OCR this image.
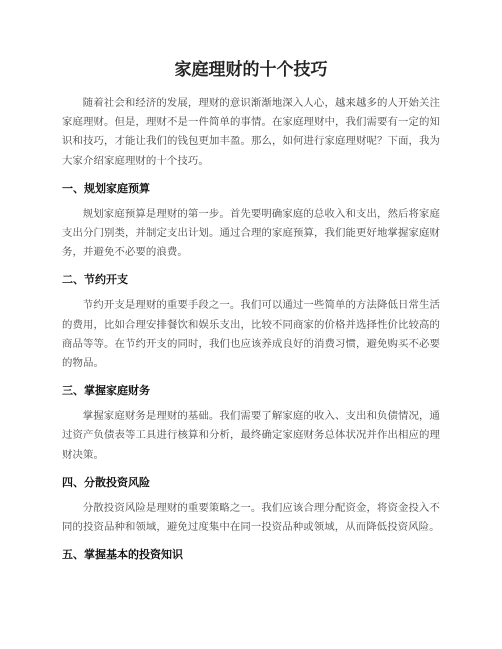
家庭理财的十个技巧

随着社会和经济的发展，理财的意识渐渐地深入人心，越来越多的人开始关注家庭理财。但是，理财不是一件简单的事情。在家庭理财中，我们需要有一定的知识和技巧，才能让我们的钱包更加丰盈。那么，如何进行家庭理财呢？下面，我为大家介绍家庭理财的十个技巧。

一、规划家庭预算

规划家庭预算是理财的第一步。首先要明确家庭的总收入和支出，然后将家庭支出分门别类，并制定支出计划。通过合理的家庭预算，我们能更好地掌握家庭财务，并避免不必要的浪费。

二、节约开支

节约开支是理财的重要手段之一。我们可以通过一些简单的方法降低日常生活的费用，比如合理安排餐饮和娱乐支出，比较不同商家的价格并选择性价比较高的商品等等。在节约开支的同时，我们也应该养成良好的消费习惯，避免购买不必要的物品。

三、掌握家庭财务

掌握家庭财务是理财的基础。我们需要了解家庭的收入、支出和负债情况，通过资产负债表等工具进行核算和分析，最终确定家庭财务总体状况并作出相应的理财决策。

四、分散投资风险

分散投资风险是理财的重要策略之一。我们应该合理分配资金，将资金投入不同的投资品种和领域，避免过度集中在同一投资品种或领域，从而降低投资风险。

五、掌握基本的投资知识
